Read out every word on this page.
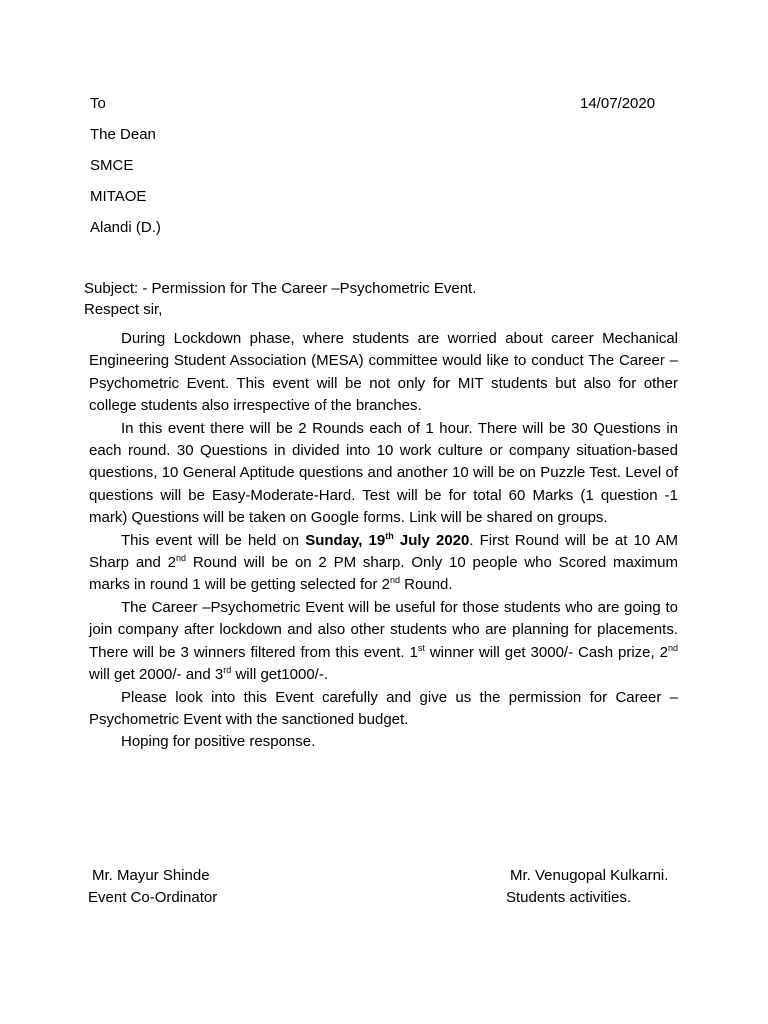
To	14/07/2020
The Dean
SMCE
MITAOE
Alandi (D.)
Subject: - Permission for The Career –Psychometric Event.
Respect sir,

During Lockdown phase, where students are worried about career Mechanical Engineering Student Association (MESA) committee would like to conduct The Career –Psychometric Event. This event will be not only for MIT students but also for other college students also irrespective of the branches.

In this event there will be 2 Rounds each of 1 hour. There will be 30 Questions in each round. 30 Questions in divided into 10 work culture or company situation-based questions, 10 General Aptitude questions and another 10 will be on Puzzle Test. Level of questions will be Easy-Moderate-Hard. Test will be for total 60 Marks (1 question -1 mark) Questions will be taken on Google forms. Link will be shared on groups.

This event will be held on Sunday, 19th July 2020. First Round will be at 10 AM Sharp and 2nd Round will be on 2 PM sharp. Only 10 people who Scored maximum marks in round 1 will be getting selected for 2nd Round.

The Career –Psychometric Event will be useful for those students who are going to join company after lockdown and also other students who are planning for placements. There will be 3 winners filtered from this event. 1st winner will get 3000/- Cash prize, 2nd will get 2000/- and 3rd will get1000/-.

Please look into this Event carefully and give us the permission for Career –Psychometric Event with the sanctioned budget.

Hoping for positive response.

Mr. Mayur Shinde
Event Co-Ordinator
Mr. Venugopal Kulkarni.
Students activities.
